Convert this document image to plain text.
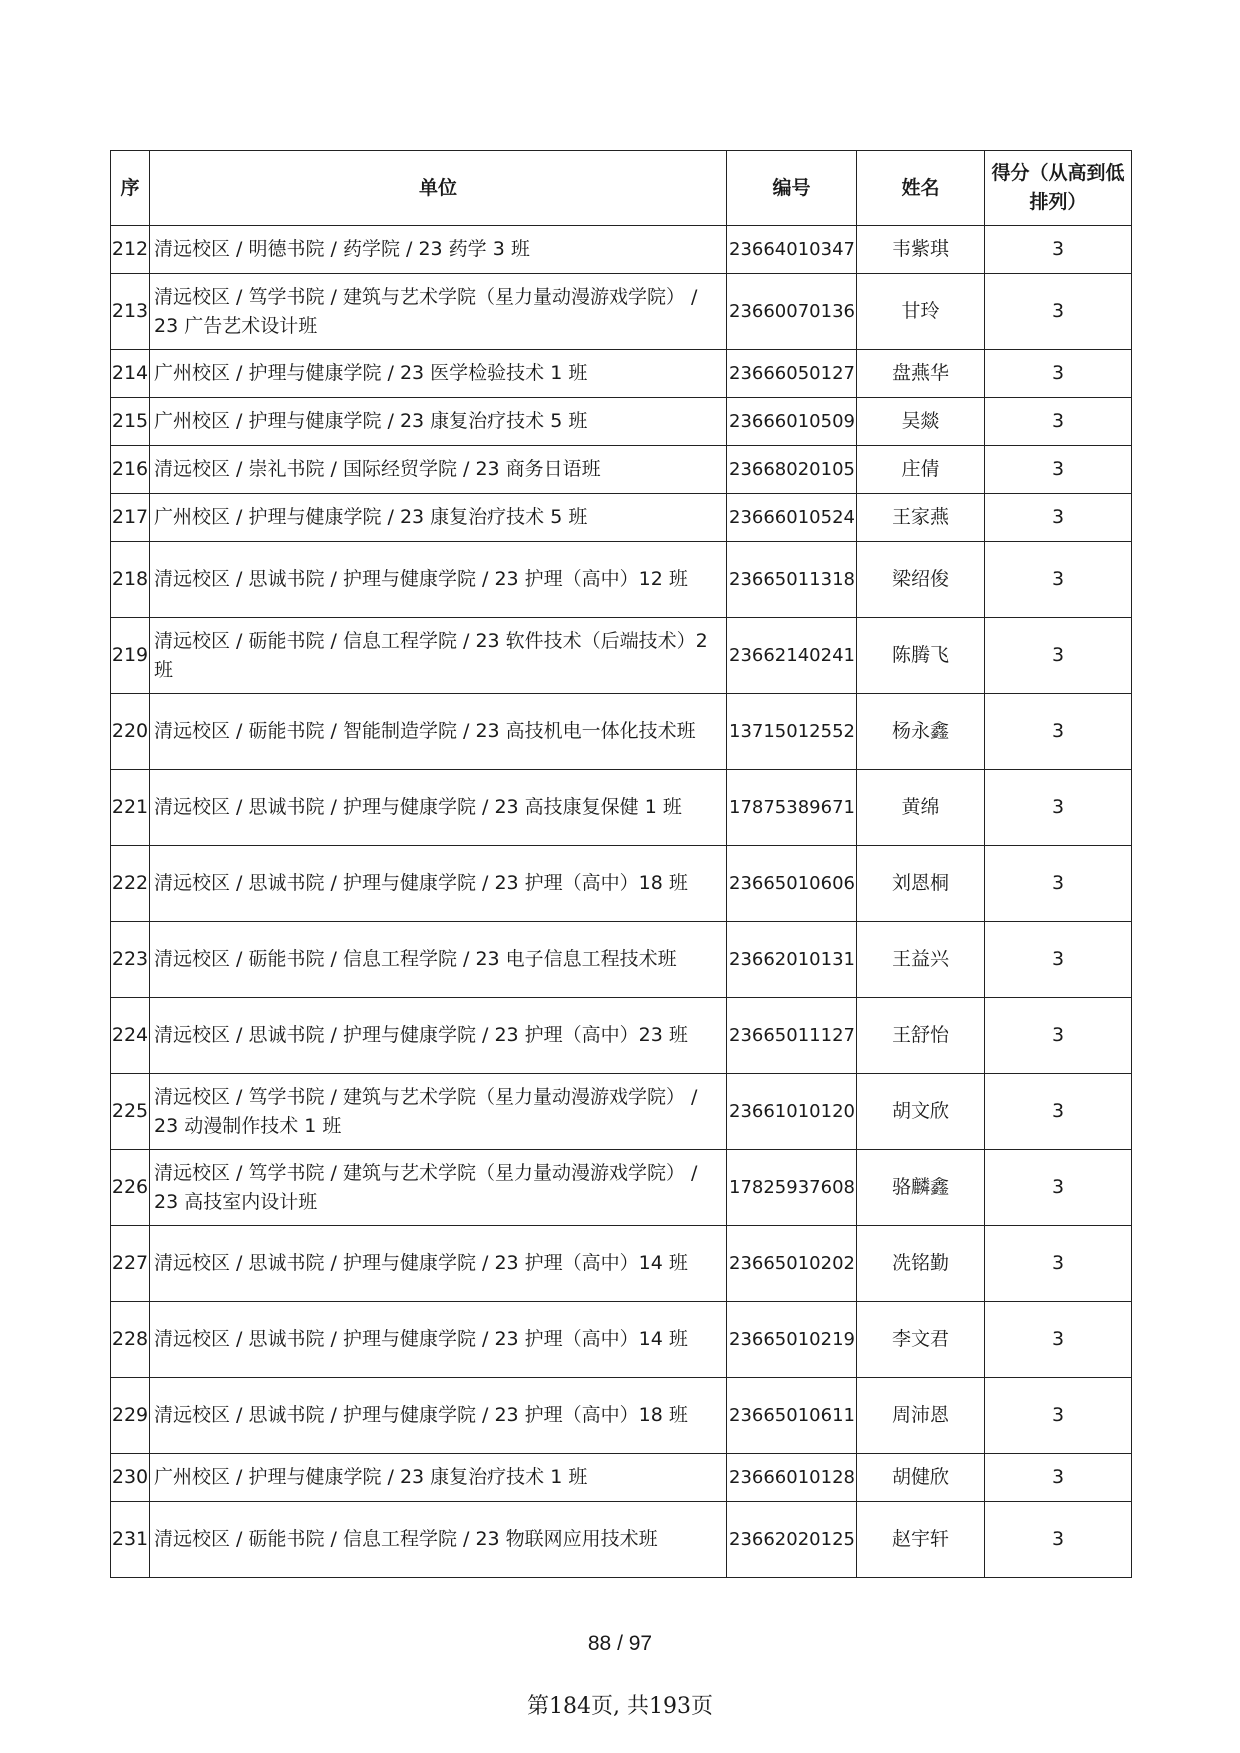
序	单位	编号	姓名	得分（从高到低排列）
212	清远校区 / 明德书院 / 药学院 / 23 药学 3 班	23664010347	韦紫琪	3
213	清远校区 / 笃学书院 / 建筑与艺术学院（星力量动漫游戏学院） / 23 广告艺术设计班	23660070136	甘玲	3
214	广州校区 / 护理与健康学院 / 23 医学检验技术 1 班	23666050127	盘燕华	3
215	广州校区 / 护理与健康学院 / 23 康复治疗技术 5 班	23666010509	吴燚	3
216	清远校区 / 崇礼书院 / 国际经贸学院 / 23 商务日语班	23668020105	庄倩	3
217	广州校区 / 护理与健康学院 / 23 康复治疗技术 5 班	23666010524	王家燕	3
218	清远校区 / 思诚书院 / 护理与健康学院 / 23 护理（高中）12 班	23665011318	梁绍俊	3
219	清远校区 / 砺能书院 / 信息工程学院 / 23 软件技术（后端技术）2 班	23662140241	陈腾飞	3
220	清远校区 / 砺能书院 / 智能制造学院 / 23 高技机电一体化技术班	13715012552	杨永鑫	3
221	清远校区 / 思诚书院 / 护理与健康学院 / 23 高技康复保健 1 班	17875389671	黄绵	3
222	清远校区 / 思诚书院 / 护理与健康学院 / 23 护理（高中）18 班	23665010606	刘恩桐	3
223	清远校区 / 砺能书院 / 信息工程学院 / 23 电子信息工程技术班	23662010131	王益兴	3
224	清远校区 / 思诚书院 / 护理与健康学院 / 23 护理（高中）23 班	23665011127	王舒怡	3
225	清远校区 / 笃学书院 / 建筑与艺术学院（星力量动漫游戏学院） / 23 动漫制作技术 1 班	23661010120	胡文欣	3
226	清远校区 / 笃学书院 / 建筑与艺术学院（星力量动漫游戏学院） / 23 高技室内设计班	17825937608	骆麟鑫	3
227	清远校区 / 思诚书院 / 护理与健康学院 / 23 护理（高中）14 班	23665010202	冼铭勤	3
228	清远校区 / 思诚书院 / 护理与健康学院 / 23 护理（高中）14 班	23665010219	李文君	3
229	清远校区 / 思诚书院 / 护理与健康学院 / 23 护理（高中）18 班	23665010611	周沛恩	3
230	广州校区 / 护理与健康学院 / 23 康复治疗技术 1 班	23666010128	胡健欣	3
231	清远校区 / 砺能书院 / 信息工程学院 / 23 物联网应用技术班	23662020125	赵宇轩	3
88 / 97
第184页, 共193页
